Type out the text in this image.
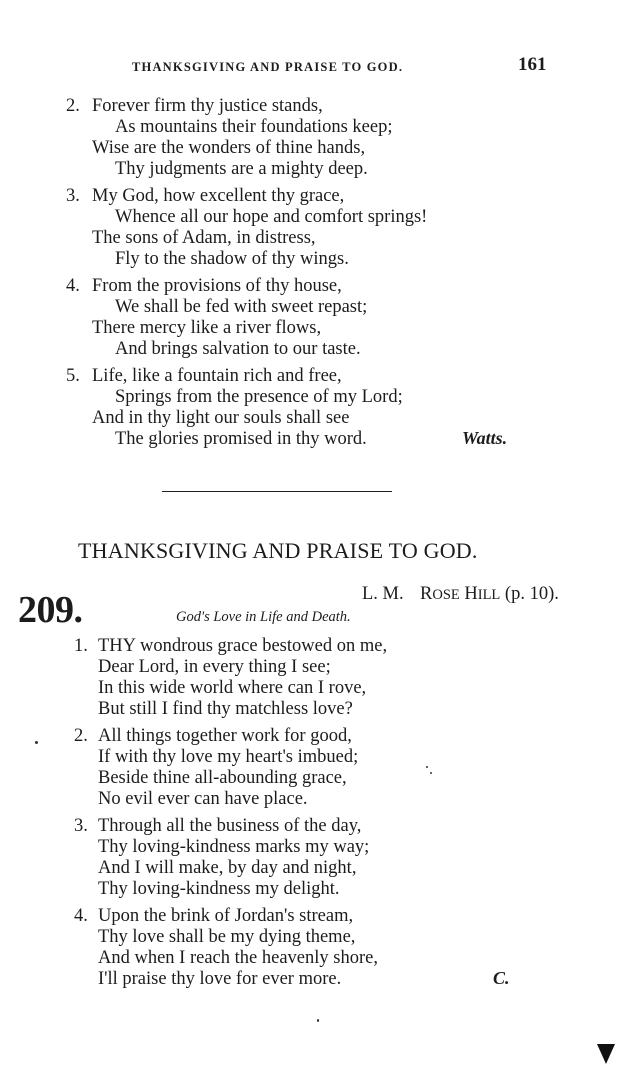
THANKSGIVING AND PRAISE TO GOD.	161
2. Forever firm thy justice stands,
As mountains their foundations keep;
Wise are the wonders of thine hands,
Thy judgments are a mighty deep.
3. My God, how excellent thy grace,
Whence all our hope and comfort springs!
The sons of Adam, in distress,
Fly to the shadow of thy wings.
4. From the provisions of thy house,
We shall be fed with sweet repast;
There mercy like a river flows,
And brings salvation to our taste.
5. Life, like a fountain rich and free,
Springs from the presence of my Lord;
And in thy light our souls shall see
The glories promised in thy word.	Watts.
THANKSGIVING AND PRAISE TO GOD.
209.	L. M. ROSE HILL (p. 10).
God's Love in Life and Death.
1. THY wondrous grace bestowed on me,
Dear Lord, in every thing I see;
In this wide world where can I rove,
But still I find thy matchless love?
2. All things together work for good,
If with thy love my heart's imbued;
Beside thine all-abounding grace,
No evil ever can have place.
3. Through all the business of the day,
Thy loving-kindness marks my way;
And I will make, by day and night,
Thy loving-kindness my delight.
4. Upon the brink of Jordan's stream,
Thy love shall be my dying theme,
And when I reach the heavenly shore,
I'll praise thy love for ever more.	C.
